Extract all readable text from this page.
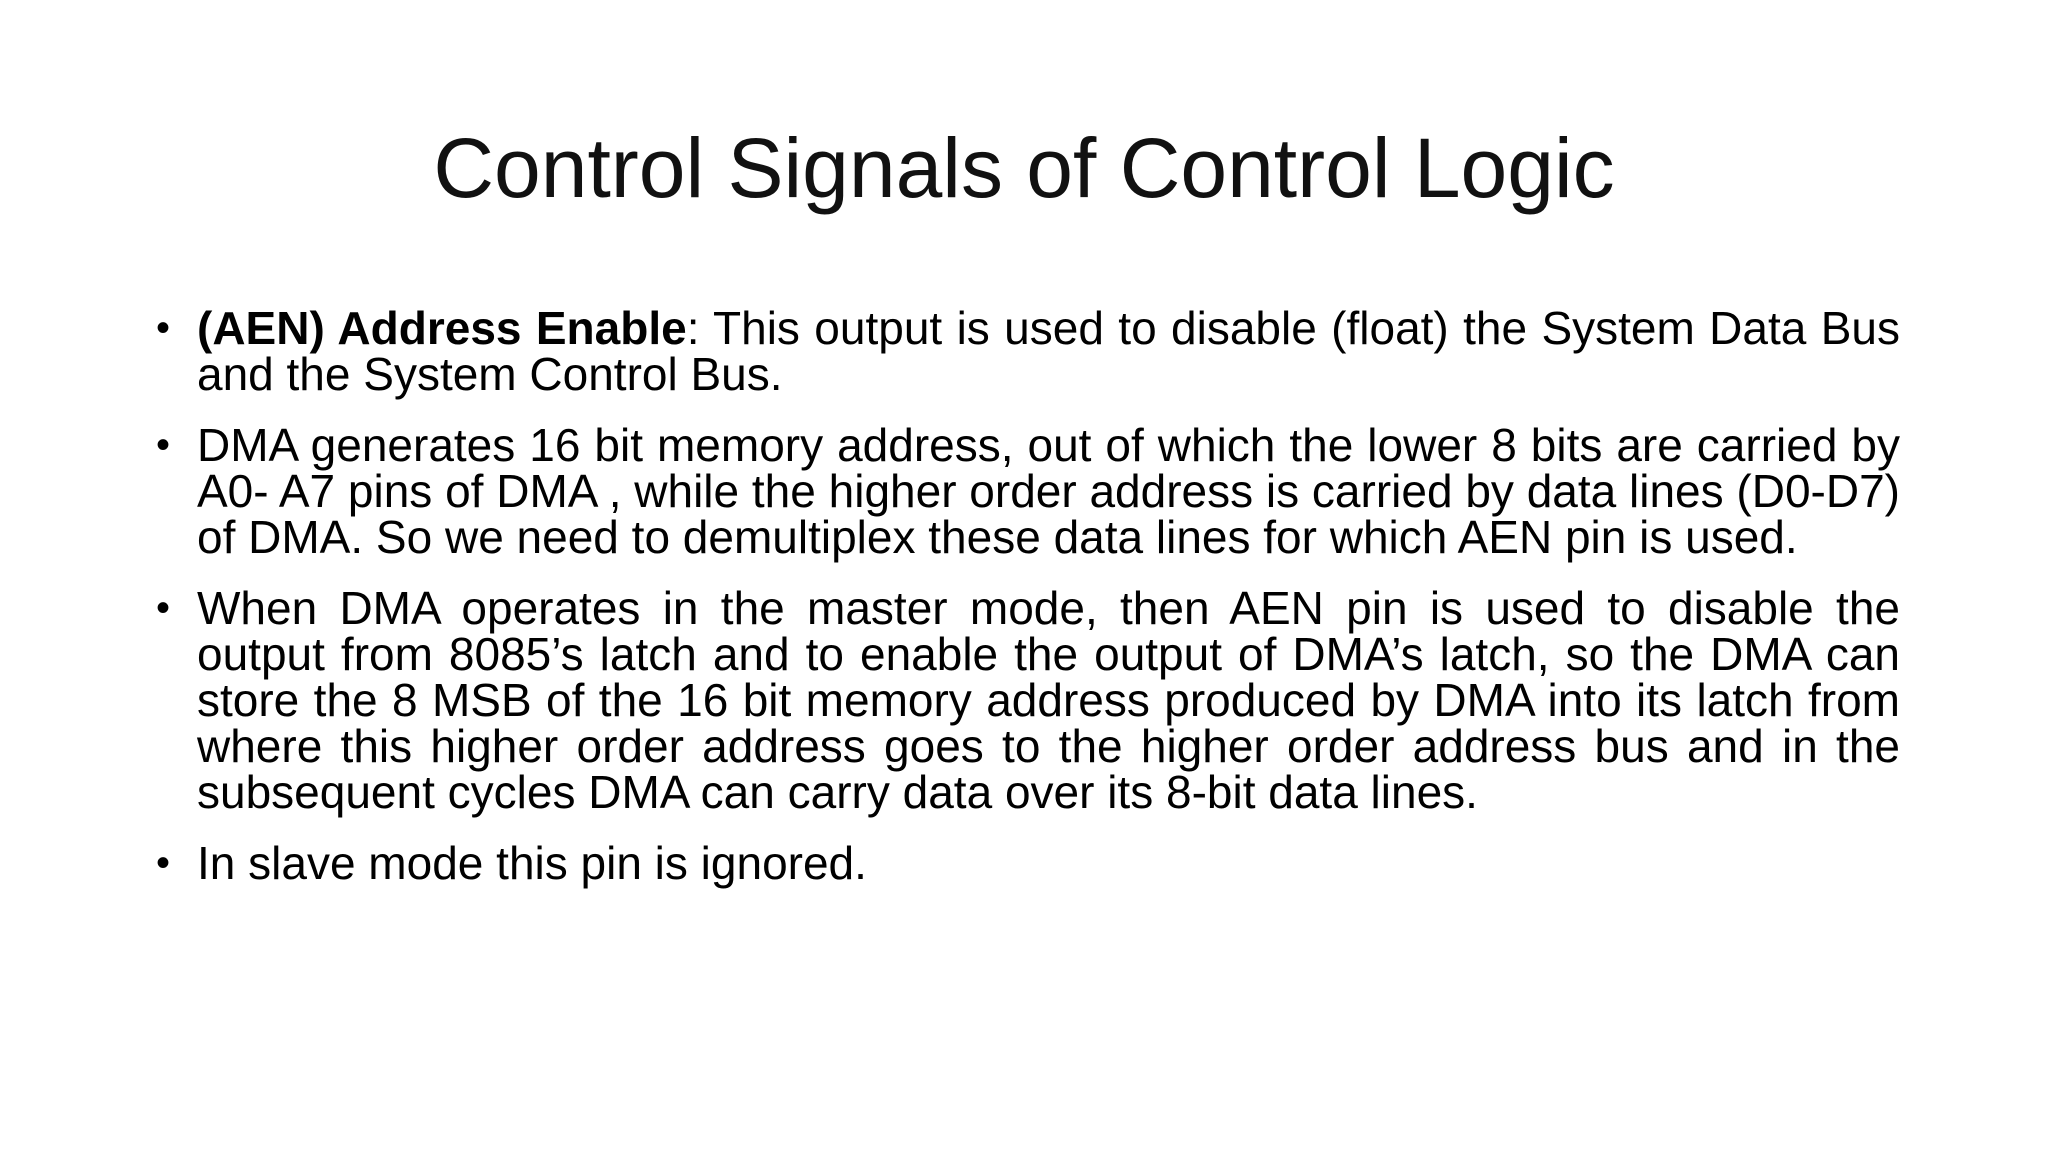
Control Signals of Control Logic
• (AEN) Address Enable: This output is used to disable (float) the System Data Bus and the System Control Bus.
• DMA generates 16 bit memory address, out of which the lower 8 bits are carried by A0- A7 pins of DMA , while the higher order address is carried by data lines (D0-D7) of DMA. So we need to demultiplex these data lines for which AEN pin is used.
• When DMA operates in the master mode, then AEN pin is used to disable the output from 8085’s latch and to enable the output of DMA’s latch, so the DMA can store the 8 MSB of the 16 bit memory address produced by DMA into its latch from where this higher order address goes to the higher order address bus and in the subsequent cycles DMA can carry data over its 8-bit data lines.
• In slave mode this pin is ignored.
